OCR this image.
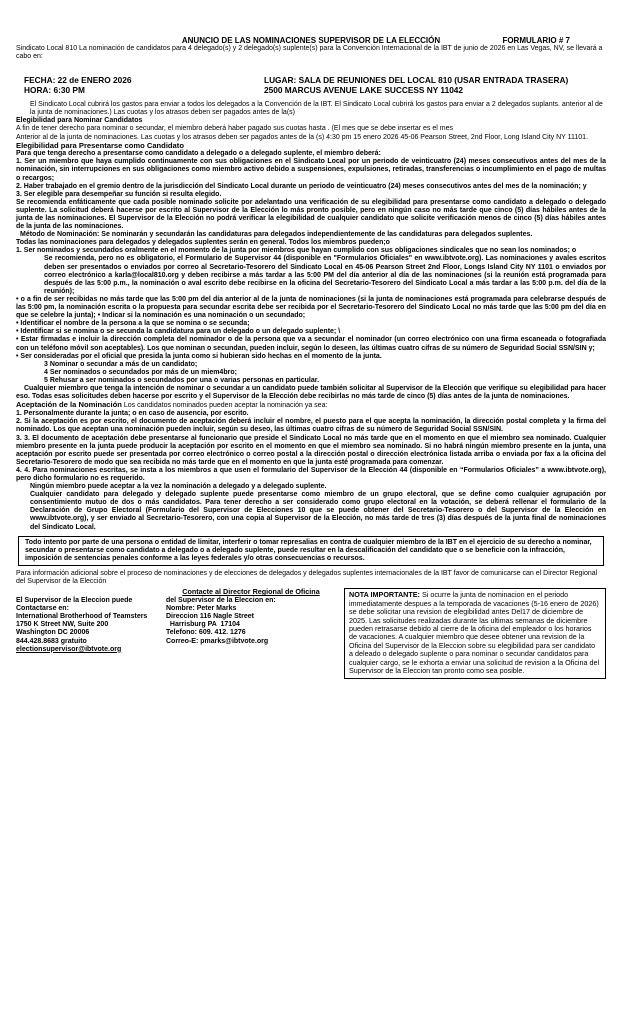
ANUNCIO DE LAS NOMINACIONES SUPERVISOR DE LA ELECCIÓN	FORMULARIO # 7

Sindicato Local 810 La nominación de candidatos para 4 delegado(s) y 2 delegado(s) suplente(s) para la Convención Internacional de la IBT de junio de 2026 en Las Vegas, NV, se llevará a cabo en:

FECHA: 22 de ENERO 2026	LUGAR: SALA DE REUNIONES DEL LOCAL 810 (USAR ENTRADA TRASERA)
HORA: 6:30 PM	2500 MARCUS AVENUE LAKE SUCCESS NY 11042

El Sindicato Local cubrirá los gastos para enviar a todos los delegados a la Convención de la IBT. El Sindicato Local cubrirá los gastos para enviar a 2 delegados suplants. anterior al de la junta de nominaciones.) Las cuotas y los atrasos deben ser pagados antes de la(s)

Elegibilidad para Nominar Candidatos

A fin de tener derecho para nominar o secundar, el miembro deberá haber pagado sus cuotas hasta . (El mes que se debe insertar es el mes

Anterior al de la junta de nominaciones. Las cuotas y los atrasos deben ser pagados antes de la (s) 4:30 pm 15 enero 2026 45-06 Pearson Street, 2nd Floor, Long Island City NY 11101.

Elegibilidad para Presentarse como Candidato

Para que tenga derecho a presentarse como candidato a delegado o a delegado suplente, el miembro deberá:

1. Ser un miembro que haya cumplido continuamente con sus obligaciones en el Sindicato Local por un periodo de veinticuatro (24) meses consecutivos antes del mes de la nominación, sin interrupciones en sus obligaciones como miembro activo debido a suspensiones, expulsiones, retiradas, transferencias o incumplimiento en el pago de multas o recargos;

2. Haber trabajado en el gremio dentro de la jurisdicción del Sindicato Local durante un periodo de veinticuatro (24) meses consecutivos antes del mes de la nominación; y

3. Ser elegible para desempeñar su función si resulta elegido.

Se recomienda enfáticamente que cada posible nominado solicite por adelantado una verificación de su elegibilidad para presentarse como candidato a delegado o delegado suplente. La solicitud deberá hacerse por escrito al Supervisor de la Elección lo más pronto posible, pero en ningún caso no más tarde que cinco (5) días hábiles antes de la junta de las nominaciones. El Supervisor de la Elección no podrá verificar la elegibilidad de cualquier candidato que solicite verificación menos de cinco (5) días hábiles antes de la junta de las nominaciones.

Método de Nominación: Se nominarán y secundarán las candidaturas para delegados independientemente de las candidaturas para delegados suplentes.

Todas las nominaciones para delegados y delegados suplentes serán en general. Todos los miembros pueden;o

1. Ser nominados y secundados oralmente en el momento de la junta por miembros que hayan cumplido con sus obligaciones sindicales que no sean los nominados; o

Se recomienda, pero no es obligatorio, el Formulario de Supervisor 44 (disponible en "Formularios Oficiales" en www.ibtvote.org). Las nominaciones y avales escritos deben ser presentados o enviados por correo al Secretario-Tesorero del Sindicato Local en 45-06 Pearson Street 2nd Floor, Longs Island City NY 1101 o enviados por correo electrónico a karla@local810.org y deben recibirse a más tardar a las 5:00 PM del día anterior al día de las nominaciones (si la reunión está programada para después de las 5:00 p.m., la nominación o aval escrito debe recibirse en la oficina del Secretario-Tesorero del Sindicato Local a más tardar a las 5:00 p.m. del día de la reunión);

• o a fin de ser recibidas no más tarde que las 5:00 pm del día anterior al de la junta de nominaciones (si la junta de nominaciones está programada para celebrarse después de las 5:00 pm, la nominación escrita o la propuesta para secundar escrita debe ser recibida por el Secretario-Tesorero del Sindicato Local no más tarde que las 5:00 pm del día en que se celebre la junta); • Indicar si la nominación es una nominación o un secundado;

• Identificar el nombre de la persona a la que se nomina o se secunda;

• Identificar si se nomina o se secunda la candidatura para un delegado o un delegado suplente; \

• Estar firmadas e incluir la dirección completa del nominador o de la persona que va a secundar el nominador (un correo electrónico con una firma escaneada o fotografiada con un teléfono móvil son aceptables). Los que nominan o secundan, pueden incluir, según lo deseen, las últimas cuatro cifras de su número de Seguridad Social SSN/SIN y;

• Ser consideradas por el oficial que presida la junta como si hubieran sido hechas en el momento de la junta.

3 Nominar o secundar a más de un candidato;

4 Ser nominados o secundados por más de un miem4bro;

5 Rehusar a ser nominados o secundados por una o varias personas en particular.

Cualquier miembro que tenga la intención de nominar o secundar a un candidato puede también solicitar al Supervisor de la Elección que verifique su elegibilidad para hacer eso. Todas esas solicitudes deben hacerse por escrito y el Supervisor de la Elección debe recibirlas no más tarde de cinco (5) días antes de la junta de nominaciones.

Aceptación de la Nominación Los candidatos nominados pueden aceptar la nominación ya sea:

1. Personalmente durante la junta; o en caso de ausencia, por escrito.

2. Si la aceptación es por escrito, el documento de aceptación deberá incluir el nombre, el puesto para el que acepta la nominación, la dirección postal completa y la firma del nominado. Los que aceptan una nominación pueden incluir, según su deseo, las últimas cuatro cifras de su número de Seguridad Social SSN/SIN.

3. 3. El documento de aceptación debe presentarse al funcionario que preside el Sindicato Local no más tarde que en el momento en que el miembro sea nominado. Cualquier miembro presente en la junta puede producir la aceptación por escrito en el momento en que el miembro sea nominado. Si no habrá ningún miembro presente en la junta, una aceptación por escrito puede ser presentada por correo electrónico o correo postal a la dirección postal o dirección electrónica listada arriba o enviada por fax a la oficina del Secretario-Tesorero de modo que sea recibida no más tarde que en el momento en que la junta esté programada para comenzar.

4. 4. Para nominaciones escritas, se insta a los miembros a que usen el formulario del Supervisor de la Elección 44 (disponible en “Formularios Oficiales” a www.ibtvote.org), pero dicho formulario no es requerido.

Ningún miembro puede aceptar a la vez la nominación a delegado y a delegado suplente.

Cualquier candidato para delegado y delegado suplente puede presentarse como miembro de un grupo electoral, que se define como cualquier agrupación por consentimiento mutuo de dos o más candidatos. Para tener derecho a ser considerado como grupo electoral en la votación, se deberá rellenar el formulario de la Declaración de Grupo Electoral (Formulario del Supervisor de Elecciones 10 que se puede obtener del Secretario-Tesorero o del Supervisor de la Elección en www.ibtvote.org), y ser enviado al Secretario-Tesorero, con una copia al Supervisor de la Elección, no más tarde de tres (3) días después de la junta final de nominaciones del Sindicato Local.

Todo intento por parte de una persona o entidad de limitar, interferir o tomar represalias en contra de cualquier miembro de la IBT en el ejercicio de su derecho a nominar, secundar o presentarse como candidato a delegado o a delegado suplente, puede resultar en la descalificación del candidato que o se beneficie con la infracción, imposición de sentencias penales conforme a las leyes federales y/o otras consecuencias o recursos.

Para información adicional sobre el proceso de nominaciones y de elecciones de delegados y delegados suplentes internacionales de la IBT favor de comunicarse can el Director Regional del Supervisor de la Elección

Contacte al Director Regional de Oficina
El Supervisor de la Eleccion puede
Contactarse en:
International Brotherhood of Teamsters
1750 K Street NW, Suite 200
Washington DC 20006
844.428.8683 gratuito
electionsupervisor@ibtvote.org
del Supervisor de la Eleccion en:
Nombre: Peter Marks
Direccion 116 Nagle Street
Harrisburg PA  17104
Telefono: 609. 412. 1276
Correo-E: pmarks@ibtvote.org
NOTA IMPORTANTE: Si ocurre la junta de nominacion en el periodo immediatamente despues a la temporada de vacaciones (5-16 enero de 2026) se debe solicitar una revision de elegibilidad antes Del17 de diciembre de 2025. Las solicitudes realizadas durante las ultimas semanas de diciembre pueden retrasarse debido al cierre de la oficina del empleador o los horarios de vacaciones. A cualquier miembro que desee obtener una revision de la Oficina del Supervisor de la Eleccion sobre su elegibilidad para ser candidato a deleado o delegado suplente o para nominar o secundar candidatos para cualquier cargo, se le exhorta a enviar una solicitud de revision a la Oficina del Supervisor de la Eleccion tan pronto como sea posible.
